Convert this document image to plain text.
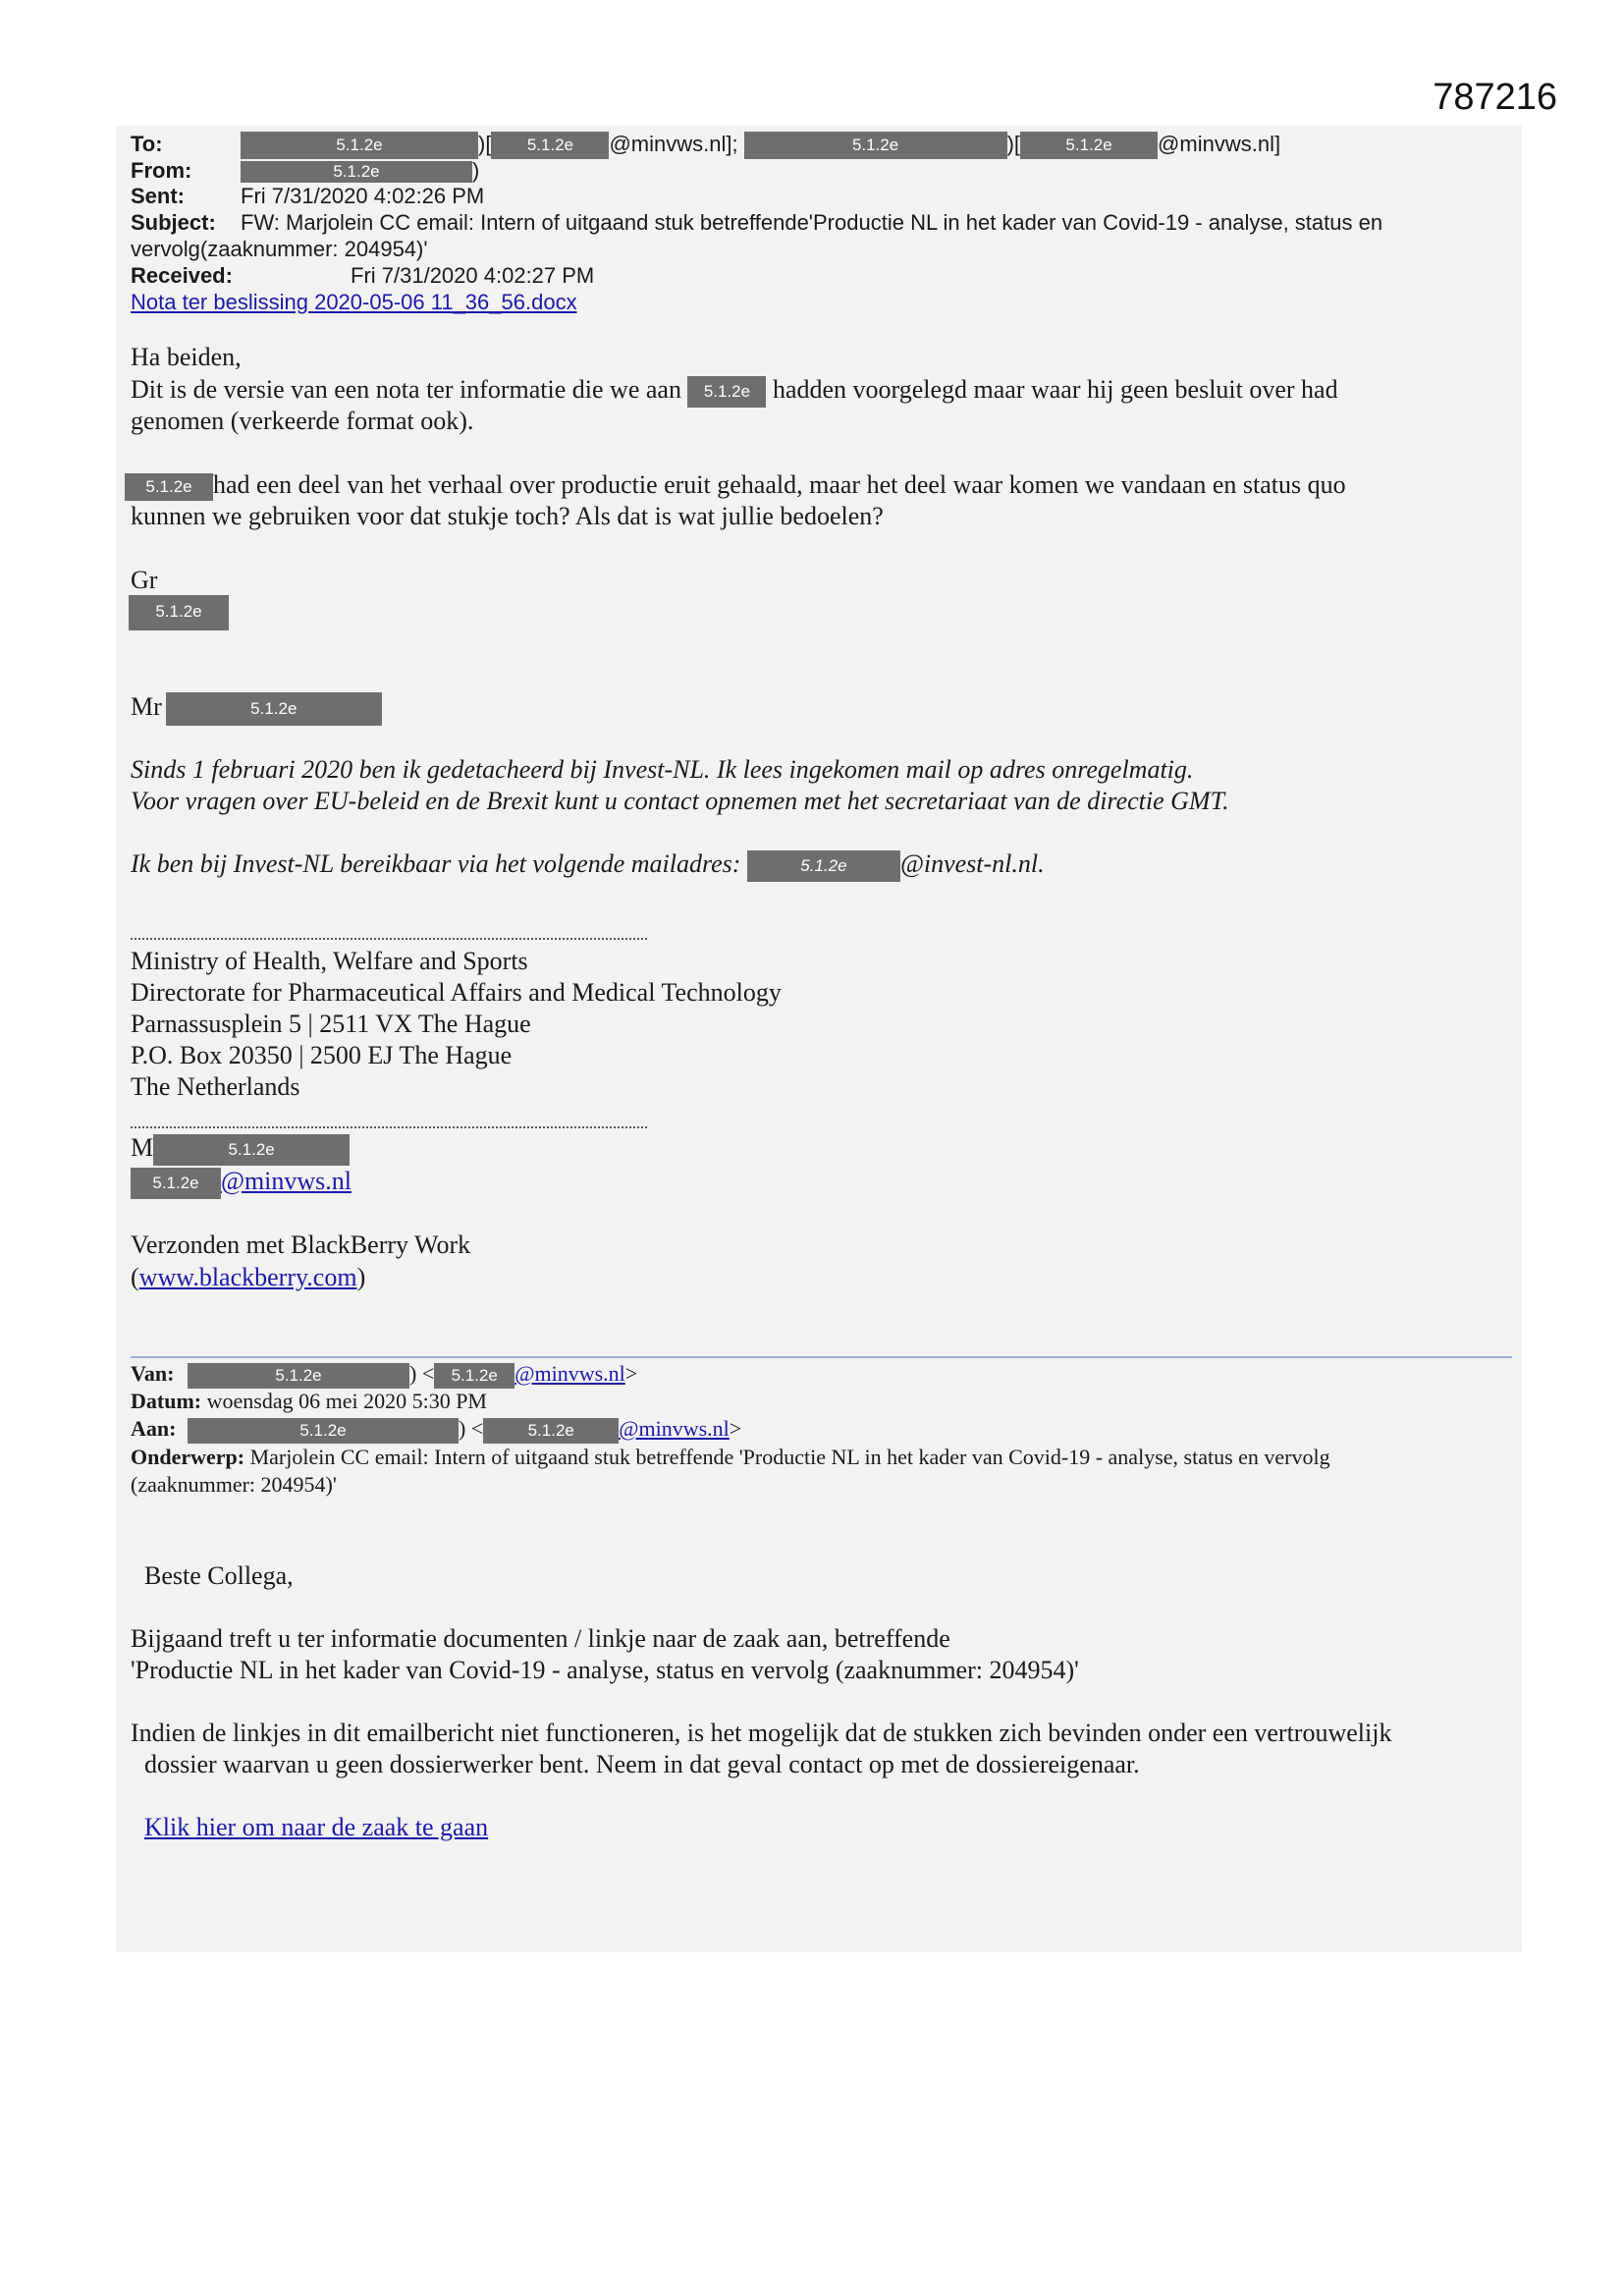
787216
To:	5.1.2e	)[ 5.1.2e @minvws.nl];	5.1.2e	)[	5.1.2e @minvws.nl]
From:	5.1.2e	)
Sent:	Fri 7/31/2020 4:02:26 PM
Subject: FW: Marjolein CC email: Intern of uitgaand stuk betreffende'Productie NL in het kader van Covid-19 - analyse, status en
vervolg(zaaknummer: 204954)'
Received:	Fri 7/31/2020 4:02:27 PM
Nota ter beslissing 2020-05-06 11_36_56.docx
Ha beiden,
Dit is de versie van een nota ter informatie die we aan 5.1.2e hadden voorgelegd maar waar hij geen besluit over had
genomen (verkeerde format ook).
5.1.2e had een deel van het verhaal over productie eruit gehaald, maar het deel waar komen we vandaan en status quo
kunnen we gebruiken voor dat stukje toch? Als dat is wat jullie bedoelen?
Gr
5.1.2e
Mr	5.1.2e
Sinds 1 februari 2020 ben ik gedetacheerd bij Invest-NL. Ik lees ingekomen mail op adres onregelmatig.
Voor vragen over EU-beleid en de Brexit kunt u contact opnemen met het secretariaat van de directie GMT.
Ik ben bij Invest-NL bereikbaar via het volgende mailadres:	5.1.2e @invest-nl.nl.
Ministry of Health, Welfare and Sports
Directorate for Pharmaceutical Affairs and Medical Technology
Parnassusplein 5 | 2511 VX The Hague
P.O. Box 20350 | 2500 EJ The Hague
The Netherlands
M	5.1.2e
5.1.2e @minvws.nl
Verzonden met BlackBerry Work
(www.blackberry.com)
Van:	5.1.2e	) < 5.1.2e @minvws.nl>
Datum: woensdag 06 mei 2020 5:30 PM
Aan:	5.1.2e	) <	5.1.2e @minvws.nl>
Onderwerp: Marjolein CC email: Intern of uitgaand stuk betreffende 'Productie NL in het kader van Covid-19 - analyse, status en vervolg
(zaaknummer: 204954)'
Beste Collega,
Bijgaand treft u ter informatie documenten / linkje naar de zaak aan, betreffende
'Productie NL in het kader van Covid-19 - analyse, status en vervolg (zaaknummer: 204954)'
Indien de linkjes in dit emailbericht niet functioneren, is het mogelijk dat de stukken zich bevinden onder een vertrouwelijk
dossier waarvan u geen dossierwerker bent. Neem in dat geval contact op met de dossiereigenaar.
Klik hier om naar de zaak te gaan
